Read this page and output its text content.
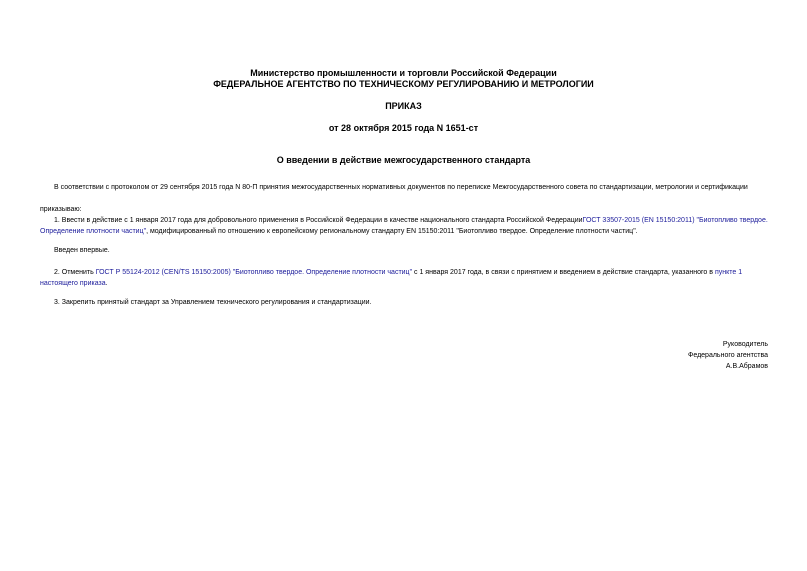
Министерство промышленности и торговли Российской Федерации
ФЕДЕРАЛЬНОЕ АГЕНТСТВО ПО ТЕХНИЧЕСКОМУ РЕГУЛИРОВАНИЮ И МЕТРОЛОГИИ
ПРИКАЗ
от 28 октября 2015 года N 1651-ст
О введении в действие межгосударственного стандарта
В соответствии с протоколом от 29 сентября 2015 года N 80-П принятия межгосударственных нормативных документов по переписке Межгосударственного совета по стандартизации, метрологии и сертификации
приказываю:
1. Ввести в действие с 1 января 2017 года для добровольного применения в Российской Федерации в качестве национального стандарта Российской ФедерацииГОСТ 33507-2015 (EN 15150:2011) "Биотопливо твердое. Определение плотности частиц", модифицированный по отношению к европейскому региональному стандарту EN 15150:2011 "Биотопливо твердое. Определение плотности частиц".
Введен впервые.
2. Отменить ГОСТ Р 55124-2012 (CEN/TS 15150:2005) "Биотопливо твердое. Определение плотности частиц" с 1 января 2017 года, в связи с принятием и введением в действие стандарта, указанного в пункте 1 настоящего приказа.
3. Закрепить принятый стандарт за Управлением технического регулирования и стандартизации.
Руководитель
Федерального агентства
А.В.Абрамов
